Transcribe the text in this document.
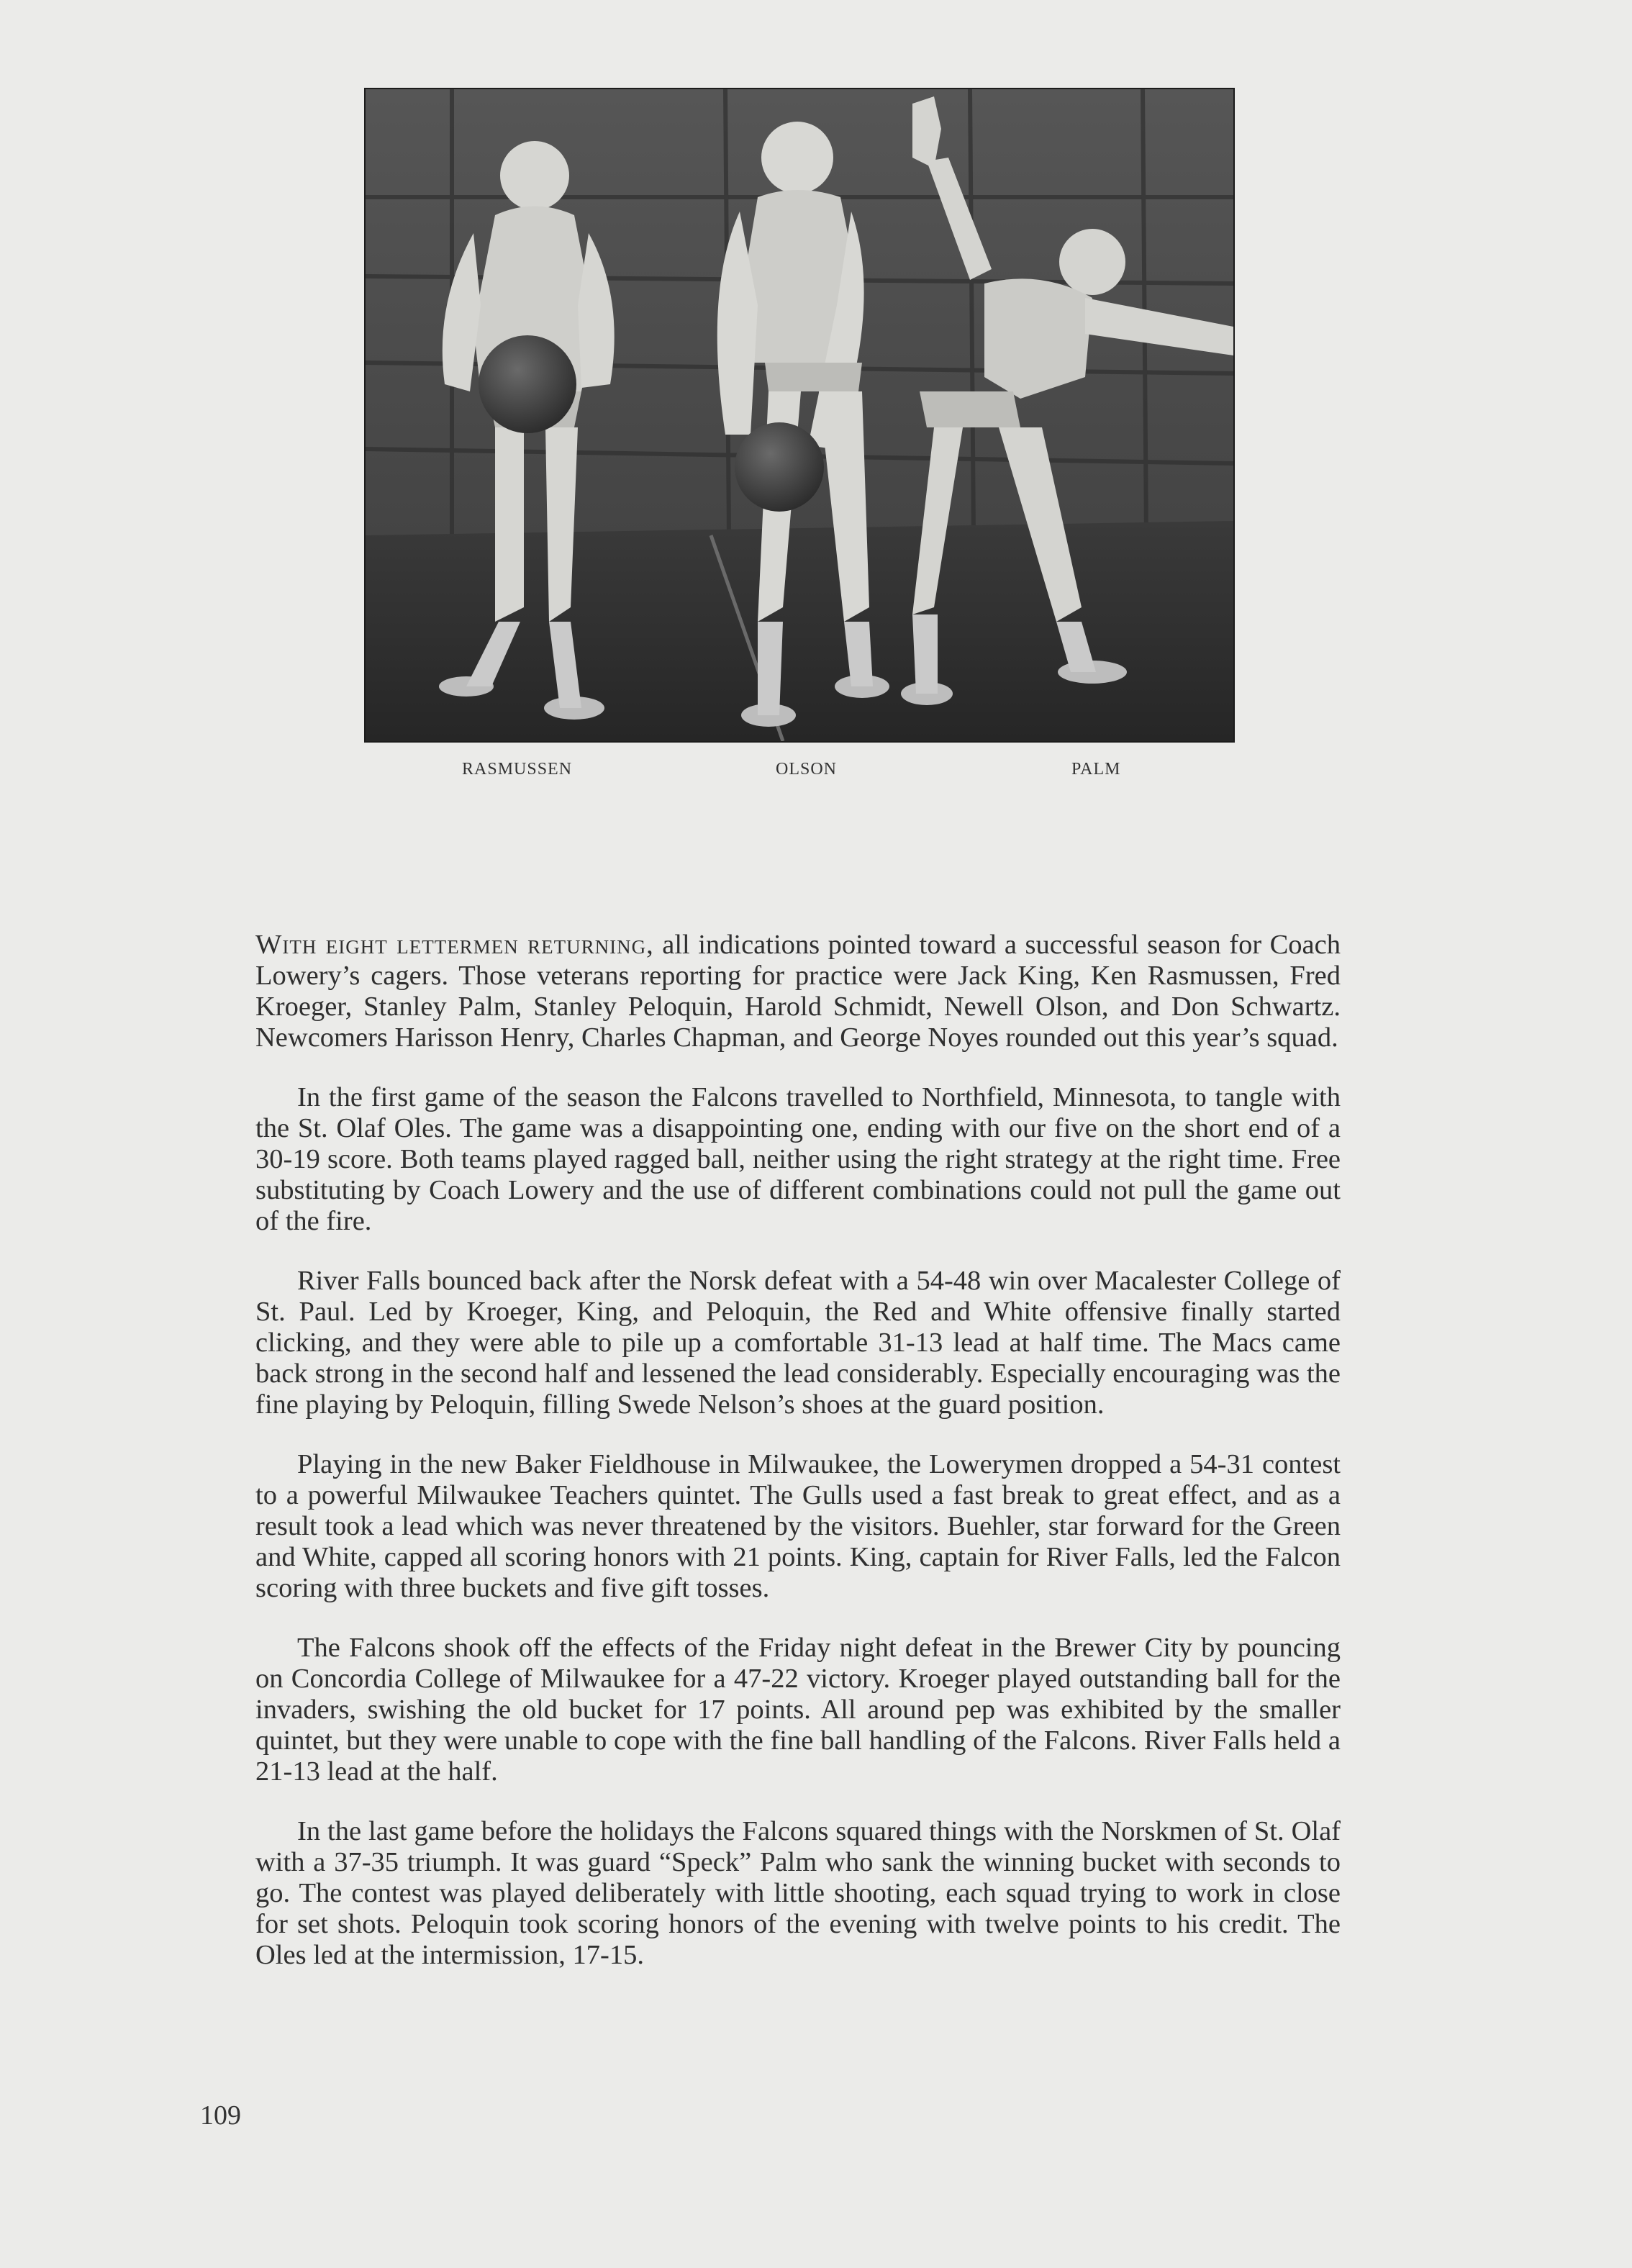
RASMUSSEN	OLSON	PALM

With eight lettermen returning, all indications pointed toward a successful season for Coach Lowery’s cagers. Those veterans reporting for practice were Jack King, Ken Rasmussen, Fred Kroeger, Stanley Palm, Stanley Peloquin, Harold Schmidt, Newell Olson, and Don Schwartz. Newcomers Harisson Henry, Charles Chapman, and George Noyes rounded out this year’s squad.

In the first game of the season the Falcons travelled to Northfield, Minnesota, to tangle with the St. Olaf Oles. The game was a disappointing one, ending with our five on the short end of a 30-19 score. Both teams played ragged ball, neither using the right strategy at the right time. Free substituting by Coach Lowery and the use of different combinations could not pull the game out of the fire.

River Falls bounced back after the Norsk defeat with a 54-48 win over Macalester College of St. Paul. Led by Kroeger, King, and Peloquin, the Red and White offensive finally started clicking, and they were able to pile up a comfortable 31-13 lead at half time. The Macs came back strong in the second half and lessened the lead considerably. Especially encouraging was the fine playing by Peloquin, filling Swede Nelson’s shoes at the guard position.

Playing in the new Baker Fieldhouse in Milwaukee, the Lowerymen dropped a 54-31 contest to a powerful Milwaukee Teachers quintet. The Gulls used a fast break to great effect, and as a result took a lead which was never threatened by the visitors. Buehler, star forward for the Green and White, capped all scoring honors with 21 points. King, captain for River Falls, led the Falcon scoring with three buckets and five gift tosses.

The Falcons shook off the effects of the Friday night defeat in the Brewer City by pouncing on Concordia College of Milwaukee for a 47-22 victory. Kroeger played outstanding ball for the invaders, swishing the old bucket for 17 points. All around pep was exhibited by the smaller quintet, but they were unable to cope with the fine ball handling of the Falcons. River Falls held a 21-13 lead at the half.

In the last game before the holidays the Falcons squared things with the Norskmen of St. Olaf with a 37-35 triumph. It was guard “Speck” Palm who sank the winning bucket with seconds to go. The contest was played deliberately with little shooting, each squad trying to work in close for set shots. Peloquin took scoring honors of the evening with twelve points to his credit. The Oles led at the intermission, 17-15.

109
